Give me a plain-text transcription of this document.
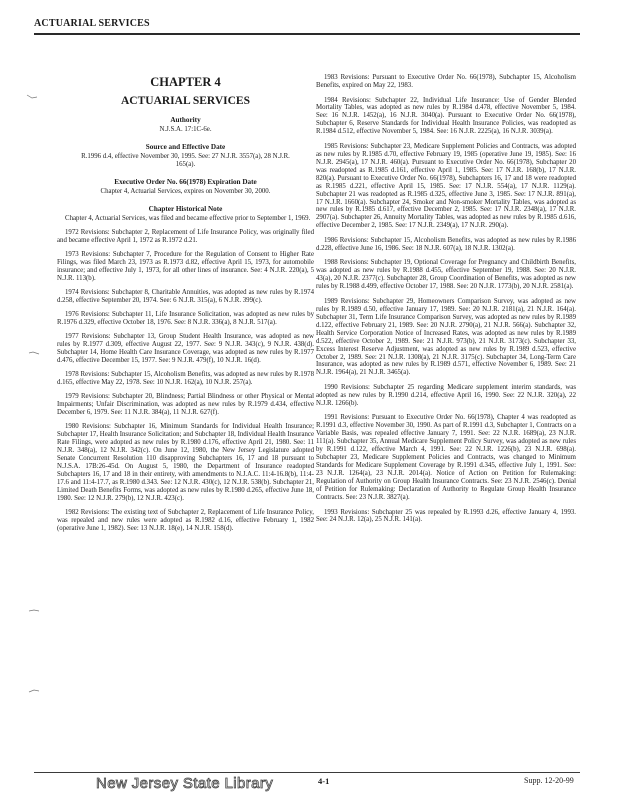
ACTUARIAL SERVICES
CHAPTER 4
ACTUARIAL SERVICES
Authority
N.J.S.A. 17:1C-6e.
Source and Effective Date
R.1996 d.4, effective November 30, 1995. See: 27 N.J.R. 3557(a), 28 N.J.R. 165(a).
Executive Order No. 66(1978) Expiration Date
Chapter 4, Actuarial Services, expires on November 30, 2000.
Chapter Historical Note

Chapter 4, Actuarial Services, was filed and became effective prior to September 1, 1969.

1972 Revisions: Subchapter 2, Replacement of Life Insurance Policy, was originally filed and became effective April 1, 1972 as R.1972 d.21.

1973 Revisions: Subchapter 7, Procedure for the Regulation of Consent to Higher Rate Filings, was filed March 23, 1973 as R.1973 d.82, effective April 15, 1973, for automobile insurance; and effective July 1, 1973, for all other lines of insurance. See: 4 N.J.R. 220(a), 5 N.J.R. 113(b).

1974 Revisions: Subchapter 8, Charitable Annuities, was adopted as new rules by R.1974 d.258, effective September 20, 1974. See: 6 N.J.R. 315(a), 6 N.J.R. 399(c).

1976 Revisions: Subchapter 11, Life Insurance Solicitation, was adopted as new rules by R.1976 d.329, effective October 18, 1976. See: 8 N.J.R. 336(a), 8 N.J.R. 517(a).

1977 Revisions: Subchapter 13, Group Student Health Insurance, was adopted as new rules by R.1977 d.309, effective August 22, 1977. See: 9 N.J.R. 343(c), 9 N.J.R. 438(d). Subchapter 14, Home Health Care Insurance Coverage, was adopted as new rules by R.1977 d.476, effective December 15, 1977. See: 9 N.J.R. 479(f), 10 N.J.R. 16(d).

1978 Revisions: Subchapter 15, Alcoholism Benefits, was adopted as new rules by R.1978 d.165, effective May 22, 1978. See: 10 N.J.R. 162(a), 10 N.J.R. 257(a).

1979 Revisions: Subchapter 20, Blindness; Partial Blindness or other Physical or Mental Impairments; Unfair Discrimination, was adopted as new rules by R.1979 d.434, effective December 6, 1979. See: 11 N.J.R. 384(a), 11 N.J.R. 627(f).

1980 Revisions: Subchapter 16, Minimum Standards for Individual Health Insurance; Subchapter 17, Health Insurance Solicitation; and Subchapter 18, Individual Health Insurance Rate Filings, were adopted as new rules by R.1980 d.176, effective April 21, 1980. See: 11 N.J.R. 348(a), 12 N.J.R. 342(c). On June 12, 1980, the New Jersey Legislature adopted Senate Concurrent Resolution 110 disapproving Subchapters 16, 17 and 18 pursuant to N.J.S.A. 17B:26-45d. On August 5, 1980, the Department of Insurance readopted Subchapters 16, 17 and 18 in their entirety, with amendments to N.J.A.C. 11:4-16.8(b), 11:4-17.6 and 11:4-17.7, as R.1980 d.343. See: 12 N.J.R. 430(c), 12 N.J.R. 538(b). Subchapter 21, Limited Death Benefits Forms, was adopted as new rules by R.1980 d.265, effective June 18, 1980. See: 12 N.J.R. 279(b), 12 N.J.R. 423(c).

1982 Revisions: The existing text of Subchapter 2, Replacement of Life Insurance Policy, was repealed and new rules were adopted as R.1982 d.16, effective February 1, 1982 (operative June 1, 1982). See: 13 N.J.R. 18(e), 14 N.J.R. 158(d).

1983 Revisions: Pursuant to Executive Order No. 66(1978), Subchapter 15, Alcoholism Benefits, expired on May 22, 1983.

1984 Revisions: Subchapter 22, Individual Life Insurance: Use of Gender Blended Mortality Tables, was adopted as new rules by R.1984 d.478, effective November 5, 1984. See: 16 N.J.R. 1452(a), 16 N.J.R. 3040(a). Pursuant to Executive Order No. 66(1978), Subchapter 6, Reserve Standards for Individual Health Insurance Policies, was readopted as R.1984 d.512, effective November 5, 1984. See: 16 N.J.R. 2225(a), 16 N.J.R. 3039(a).

1985 Revisions: Subchapter 23, Medicare Supplement Policies and Contracts, was adopted as new rules by R.1985 d.70, effective February 19, 1985 (operative June 19, 1985). See: 16 N.J.R. 2945(a), 17 N.J.R. 460(a). Pursuant to Executive Order No. 66(1978), Subchapter 20 was readopted as R.1985 d.161, effective April 1, 1985. See: 17 N.J.R. 168(b), 17 N.J.R. 820(a). Pursuant to Executive Order No. 66(1978), Subchapters 16, 17 and 18 were readopted as R.1985 d.221, effective April 15, 1985. See: 17 N.J.R. 554(a), 17 N.J.R. 1129(a). Subchapter 21 was readopted as R.1985 d.325, effective June 3, 1985. See: 17 N.J.R. 891(a), 17 N.J.R. 1660(a). Subchapter 24, Smoker and Non-smoker Mortality Tables, was adopted as new rules by R.1985 d.617, effective December 2, 1985. See: 17 N.J.R. 2348(a), 17 N.J.R. 2907(a). Subchapter 26, Annuity Mortality Tables, was adopted as new rules by R.1985 d.616, effective December 2, 1985. See: 17 N.J.R. 2349(a), 17 N.J.R. 290(a).

1986 Revisions: Subchapter 15, Alcoholism Benefits, was adopted as new rules by R.1986 d.228, effective June 16, 1986. See: 18 N.J.R. 607(a), 18 N.J.R. 1302(a).

1988 Revisions: Subchapter 19, Optional Coverage for Pregnancy and Childbirth Benefits, was adopted as new rules by R.1988 d.455, effective September 19, 1988. See: 20 N.J.R. 43(a), 20 N.J.R. 2377(c). Subchapter 28, Group Coordination of Benefits, was adopted as new rules by R.1988 d.499, effective October 17, 1988. See: 20 N.J.R. 1773(b), 20 N.J.R. 2581(a).

1989 Revisions: Subchapter 29, Homeowners Comparison Survey, was adopted as new rules by R.1989 d.50, effective January 17, 1989. See: 20 N.J.R. 2181(a), 21 N.J.R. 164(a). Subchapter 31, Term Life Insurance Comparison Survey, was adopted as new rules by R.1989 d.122, effective February 21, 1989. See: 20 N.J.R. 2790(a), 21 N.J.R. 566(a). Subchapter 32, Health Service Corporation Notice of Increased Rates, was adopted as new rules by R.1989 d.522, effective October 2, 1989. See: 21 N.J.R. 973(b), 21 N.J.R. 3173(c). Subchapter 33, Excess Interest Reserve Adjustment, was adopted as new rules by R.1989 d.523, effective October 2, 1989. See: 21 N.J.R. 1308(a), 21 N.J.R. 3175(c). Subchapter 34, Long-Term Care Insurance, was adopted as new rules by R.1989 d.571, effective November 6, 1989. See: 21 N.J.R. 1964(a), 21 N.J.R. 3465(a).

1990 Revisions: Subchapter 25 regarding Medicare supplement interim standards, was adopted as new rules by R.1990 d.214, effective April 16, 1990. See: 22 N.J.R. 320(a), 22 N.J.R. 1266(b).

1991 Revisions: Pursuant to Executive Order No. 66(1978), Chapter 4 was readopted as R.1991 d.3, effective November 30, 1990. As part of R.1991 d.3, Subchapter 1, Contracts on a Variable Basis, was repealed effective January 7, 1991. See: 22 N.J.R. 1689(a), 23 N.J.R. 111(a). Subchapter 35, Annual Medicare Supplement Policy Survey, was adopted as new rules by R.1991 d.122, effective March 4, 1991. See: 22 N.J.R. 1226(b), 23 N.J.R. 698(a). Subchapter 23, Medicare Supplement Policies and Contracts, was changed to Minimum Standards for Medicare Supplement Coverage by R.1991 d.345, effective July 1, 1991. See: 23 N.J.R. 1264(a), 23 N.J.R. 2014(a). Notice of Action on Petition for Rulemaking: Regulation of Authority on Group Health Insurance Contracts. See: 23 N.J.R. 2546(c). Denial of Petition for Rulemaking: Declaration of Authority to Regulate Group Health Insurance Contracts. See: 23 N.J.R. 3827(a).

1993 Revisions: Subchapter 25 was repealed by R.1993 d.26, effective January 4, 1993. See: 24 N.J.R. 12(a), 25 N.J.R. 141(a).

New Jersey State Library	4-1	Supp. 12-20-99
